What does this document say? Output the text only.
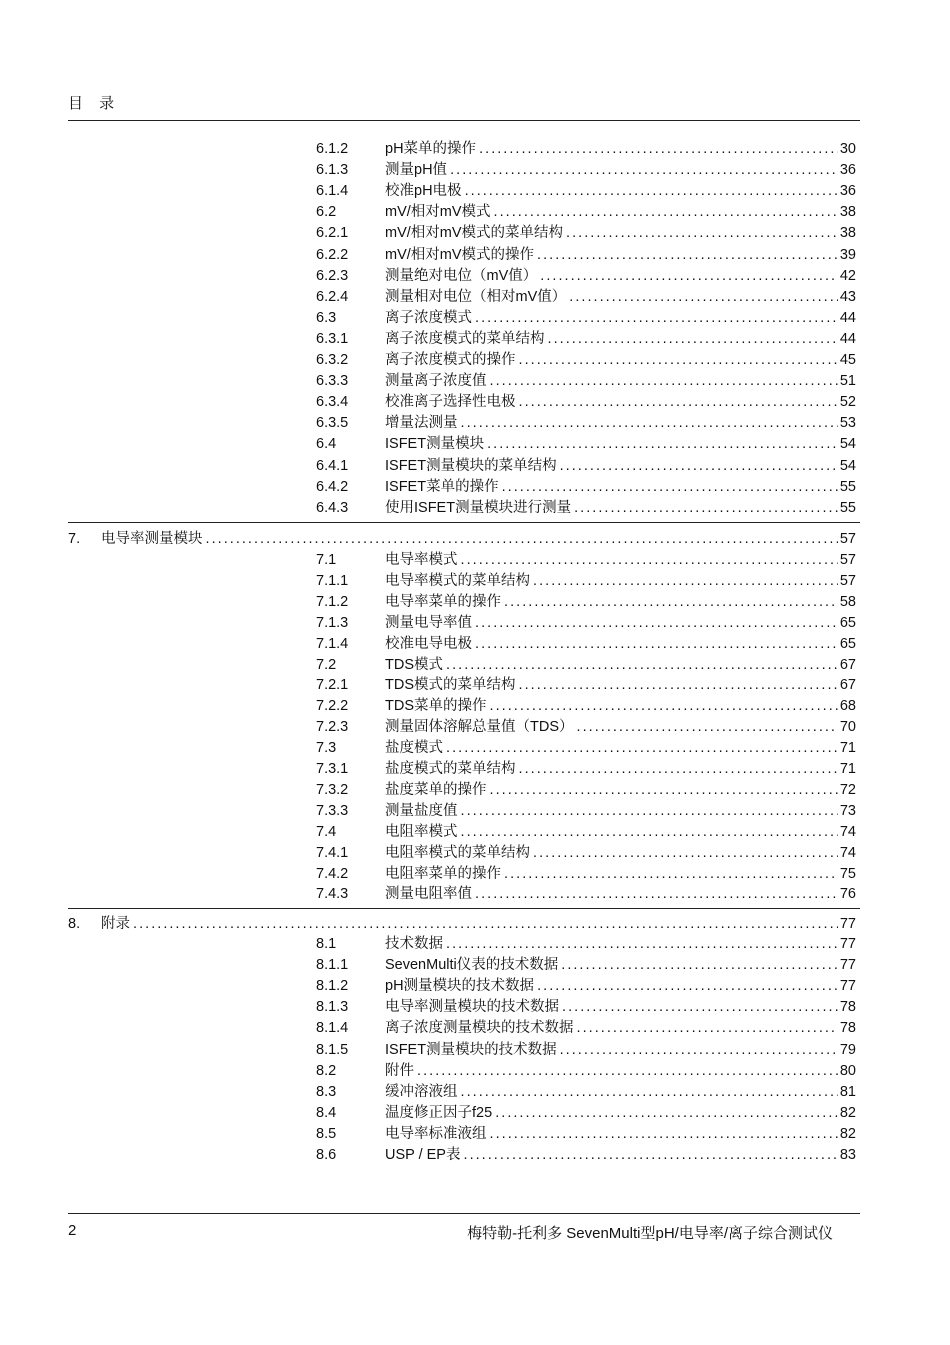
目 录
6.1.2	pH菜单的操作 . . .	30
6.1.3	测量pH值 . . .	36
6.1.4	校准pH电极 . . .	36
6.2	mV/相对mV模式 . . .	38
6.2.1	mV/相对mV模式的菜单结构 . . .	38
6.2.2	mV/相对mV模式的操作 . . .	39
6.2.3	测量绝对电位（mV值） . . .	42
6.2.4	测量相对电位（相对mV值） . . .	43
6.3	离子浓度模式 . . .	44
6.3.1	离子浓度模式的菜单结构 . . .	44
6.3.2	离子浓度模式的操作 . . .	45
6.3.3	测量离子浓度值 . . .	51
6.3.4	校准离子选择性电极 . . .	52
6.3.5	增量法测量 . . .	53
6.4	ISFET测量模块 . . .	54
6.4.1	ISFET测量模块的菜单结构 . . .	54
6.4.2	ISFET菜单的操作 . . .	55
6.4.3	使用ISFET测量模块进行测量 . . .	55
7. 电导率测量模块 . . .	57
7.1	电导率模式 . . .	57
7.1.1	电导率模式的菜单结构 . . .	57
7.1.2	电导率菜单的操作 . . .	58
7.1.3	测量电导率值 . . .	65
7.1.4	校准电导电极 . . .	65
7.2	TDS模式 . . .	67
7.2.1	TDS模式的菜单结构 . . .	67
7.2.2	TDS菜单的操作 . . .	68
7.2.3	测量固体溶解总量值（TDS） . . .	70
7.3	盐度模式 . . .	71
7.3.1	盐度模式的菜单结构 . . .	71
7.3.2	盐度菜单的操作 . . .	72
7.3.3	测量盐度值 . . .	73
7.4	电阻率模式 . . .	74
7.4.1	电阻率模式的菜单结构 . . .	74
7.4.2	电阻率菜单的操作 . . .	75
7.4.3	测量电阻率值 . . .	76
8. 附录 . . .	77
8.1	技术数据 . . .	77
8.1.1	SevenMulti仪表的技术数据 . . .	77
8.1.2	pH测量模块的技术数据 . . .	77
8.1.3	电导率测量模块的技术数据 . . .	78
8.1.4	离子浓度测量模块的技术数据 . . .	78
8.1.5	ISFET测量模块的技术数据 . . .	79
8.2	附件 . . .	80
8.3	缓冲溶液组 . . .	81
8.4	温度修正因子f25 . . .	82
8.5	电导率标准液组 . . .	82
8.6	USP / EP表 . . .	83
2	梅特勒-托利多 SevenMulti型pH/电导率/离子综合测试仪
